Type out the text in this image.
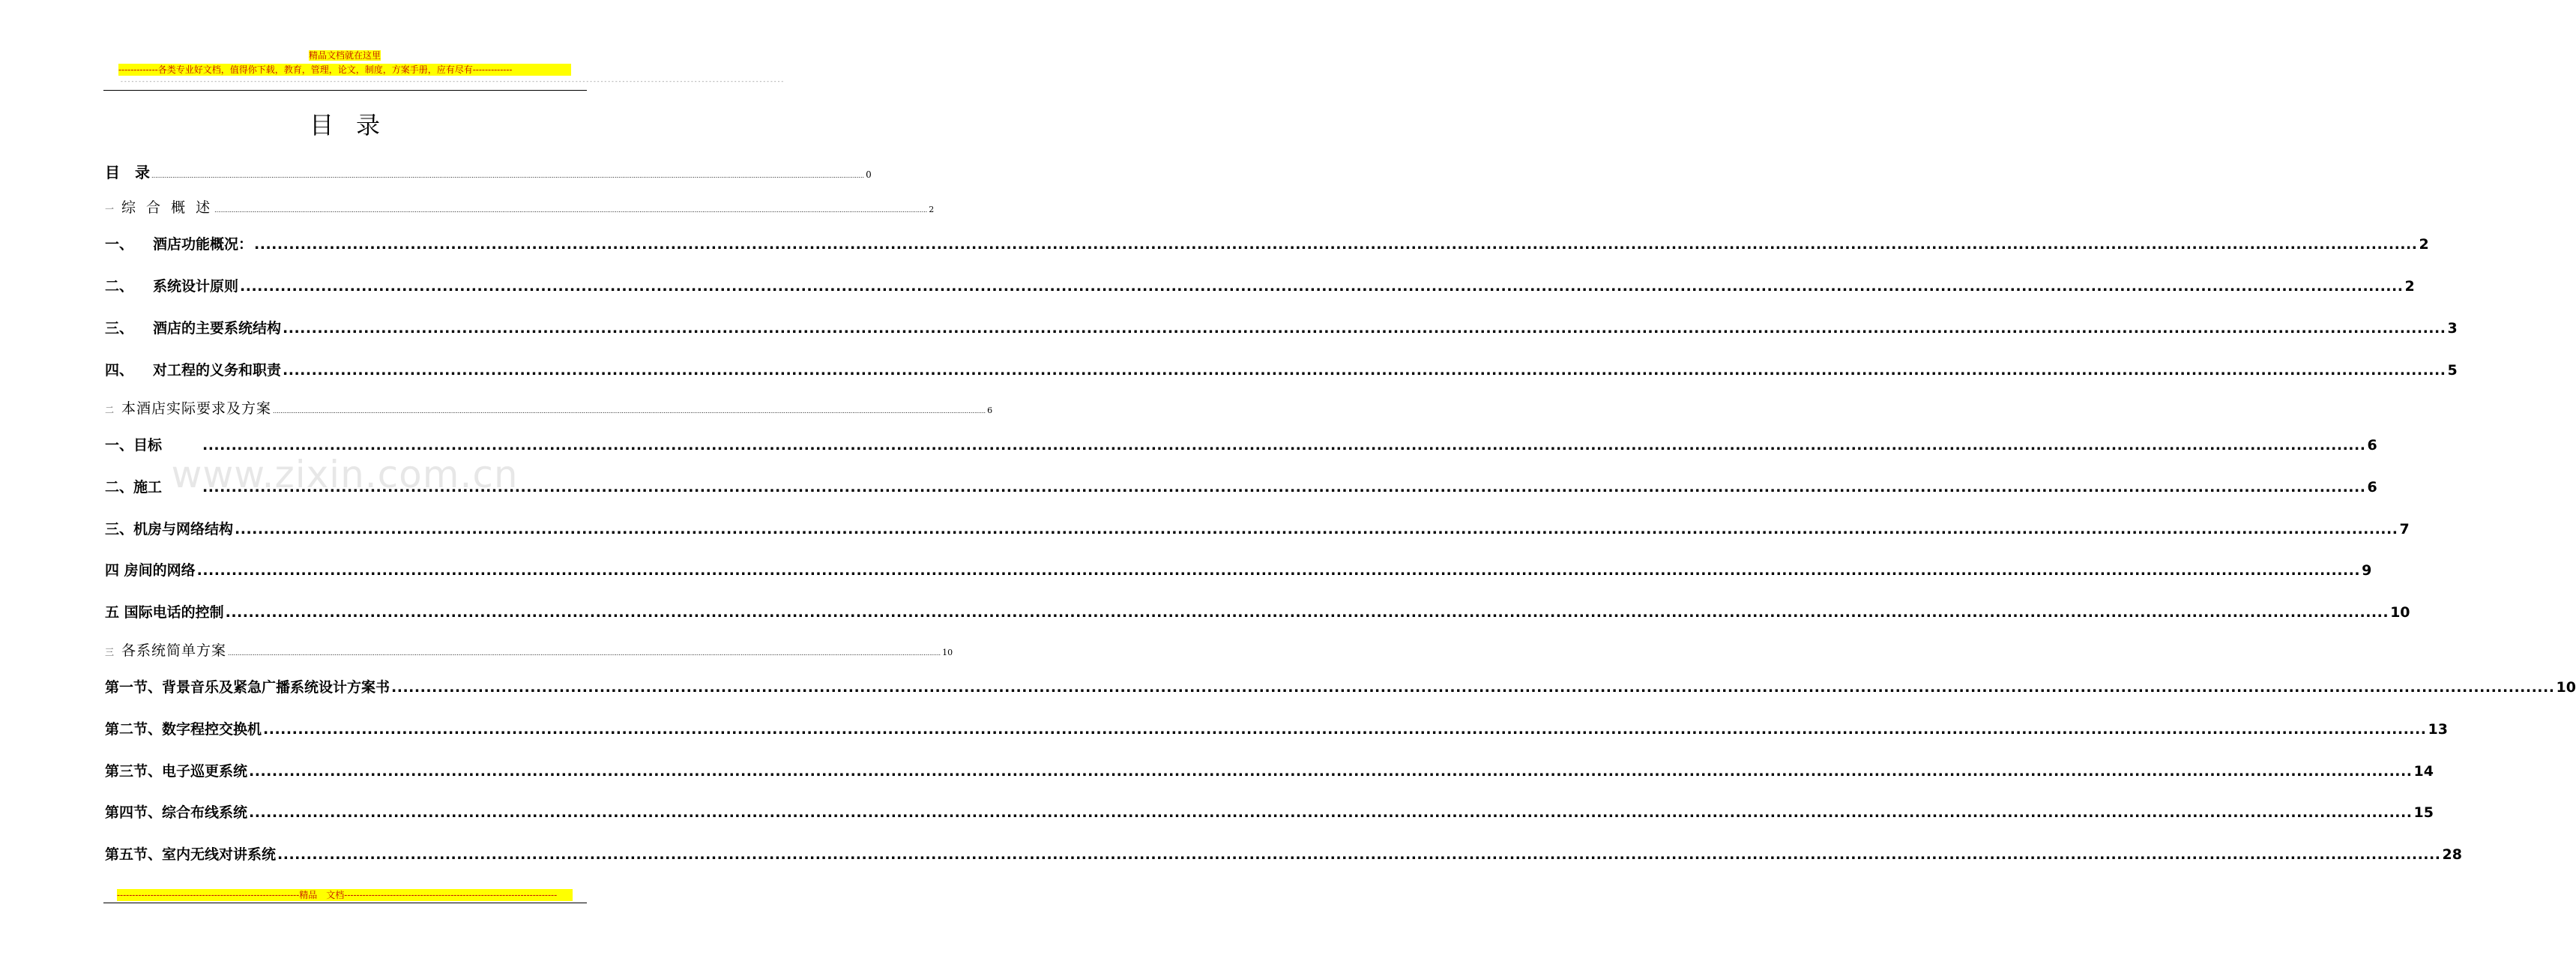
精品文档就在这里
-------------各类专业好文档，值得你下载，教育，管理，论文，制度，方案手册，应有尽有-------------
----------------------------------------------------------------------------------------------------------------------------------------------------------------------------------------
目录
www.zixin.com.cn
目　录 .....	0
一 综 合 概 述 .....	2
一、 酒店功能概况： .....	2
二、 系统设计原则 .....	2
三、 酒店的主要系统结构 .....	3
四、 对工程的义务和职责 .....	5
二 本酒店实际要求及方案 .....	6
一、目标 .....	6
二、施工 .....	6
三、机房与网络结构 .....	7
四 房间的网络 .....	9
五 国际电话的控制 .....	10
三 各系统简单方案 .....	10
第一节、背景音乐及紧急广播系统设计方案书 .....	10
第二节、数字程控交换机 .....	13
第三节、电子巡更系统 .....	14
第四节、综合布线系统 .....	15
第五节、室内无线对讲系统 .....	28
------------------------------------------------------------精品　文档----------------------------------------------------------------------
